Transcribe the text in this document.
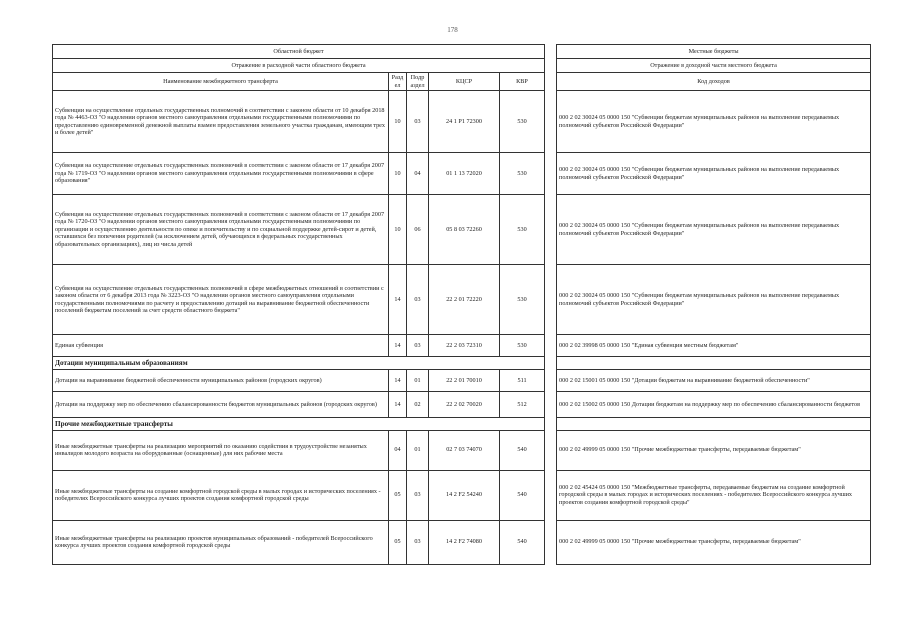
178
Областной бюджет						Местные бюджеты
Отражение в расходной части областного бюджета						Отражение в доходной части местного бюджета
Наименование межбюджетного трансферта	Разд ел	Подр аздел	КЦСР	КВР		Код доходов
Субвенции на осуществление отдельных государственных полномочий в соответствии с законом области от 10 декабря 2018 года № 4463-ОЗ "О наделении органов местного самоуправления отдельными государственными полномочиями по предоставлению единовременной денежной выплаты взамен предоставления земельного участка гражданам, имеющим трех и более детей"	10	03	24 1 P1 72300	530		000 2 02 30024 05 0000 150 "Субвенции бюджетам муниципальных районов на выполнение передаваемых полномочий субъектов Российской Федерации"
Субвенция на осуществление отдельных государственных полномочий в соответствии с законом области от 17 декабря 2007 года № 1719-ОЗ "О наделении органов местного самоуправления отдельными государственными полномочиями в сфере образования"	10	04	01 1 13 72020	530		000 2 02 30024 05 0000 150 "Субвенции бюджетам муниципальных районов на выполнение передаваемых полномочий субъектов Российской Федерации"
Субвенция на осуществление отдельных государственных полномочий в соответствии с законом области от 17 декабря 2007 года № 1720-ОЗ "О наделении органов местного самоуправления отдельными государственными полномочиями по организации и осуществлению деятельности по опеке и попечительству и по социальной поддержке детей-сирот и детей, оставшихся без попечения родителей (за исключением детей, обучающихся в федеральных государственных образовательных организациях), лиц из числа детей	10	06	05 8 03 72260	530		000 2 02 30024 05 0000 150 "Субвенции бюджетам муниципальных районов на выполнение передаваемых полномочий субъектов Российской Федерации"
Субвенция на осуществление отдельных государственных полномочий в сфере межбюджетных отношений в соответствии с законом области от 6 декабря 2013 года № 3223-ОЗ "О наделении органов местного самоуправления отдельными государственными полномочиями по расчету и предоставлению дотаций на выравнивание бюджетной обеспеченности поселений бюджетам поселений за счет средств областного бюджета"	14	03	22 2 01 72220	530		000 2 02 30024 05 0000 150 "Субвенции бюджетам муниципальных районов на выполнение передаваемых полномочий субъектов Российской Федерации"
Единая субвенция	14	03	22 2 03 72310	530		000 2 02 39998 05 0000 150 "Единая субвенция местным бюджетам"
Дотации муниципальным образованиям						
Дотации на выравнивание бюджетной обеспеченности муниципальных районов (городских округов)	14	01	22 2 01 70010	511		000 2 02 15001 05 0000 150 "Дотации бюджетам на выравнивание бюджетной обеспеченности"
Дотации на поддержку мер по обеспечению сбалансированности бюджетов муниципальных районов (городских округов)	14	02	22 2 02 70020	512		000 2 02 15002 05 0000 150 Дотации бюджетам на поддержку мер по обеспечению сбалансированности бюджетов
Прочие межбюджетные трансферты						
Иные межбюджетные трансферты на реализацию мероприятий по оказанию содействия в трудоустройстве незанятых инвалидов молодого возраста на оборудованные (оснащенные) для них рабочие места	04	01	02 7 03 74070	540		000 2 02 49999 05 0000 150 "Прочие межбюджетные трансферты, передаваемые бюджетам"
Иные межбюджетные трансферты на создание комфортной городской среды в малых городах и исторических поселениях - победителях Всероссийского конкурса лучших проектов создания комфортной городской среды	05	03	14 2 F2 54240	540		000 2 02 45424 05 0000 150 "Межбюджетные трансферты, передаваемые бюджетам на создание комфортной городской среды в малых городах и исторических поселениях - победителях Всероссийского конкурса лучших проектов создания комфортной городской среды"
Иные межбюджетные трансферты на реализацию проектов муниципальных образований - победителей Всероссийского конкурса лучших проектов создания комфортной городской среды	05	03	14 2 F2 74080	540		000 2 02 49999 05 0000 150 "Прочие межбюджетные трансферты, передаваемые бюджетам"
